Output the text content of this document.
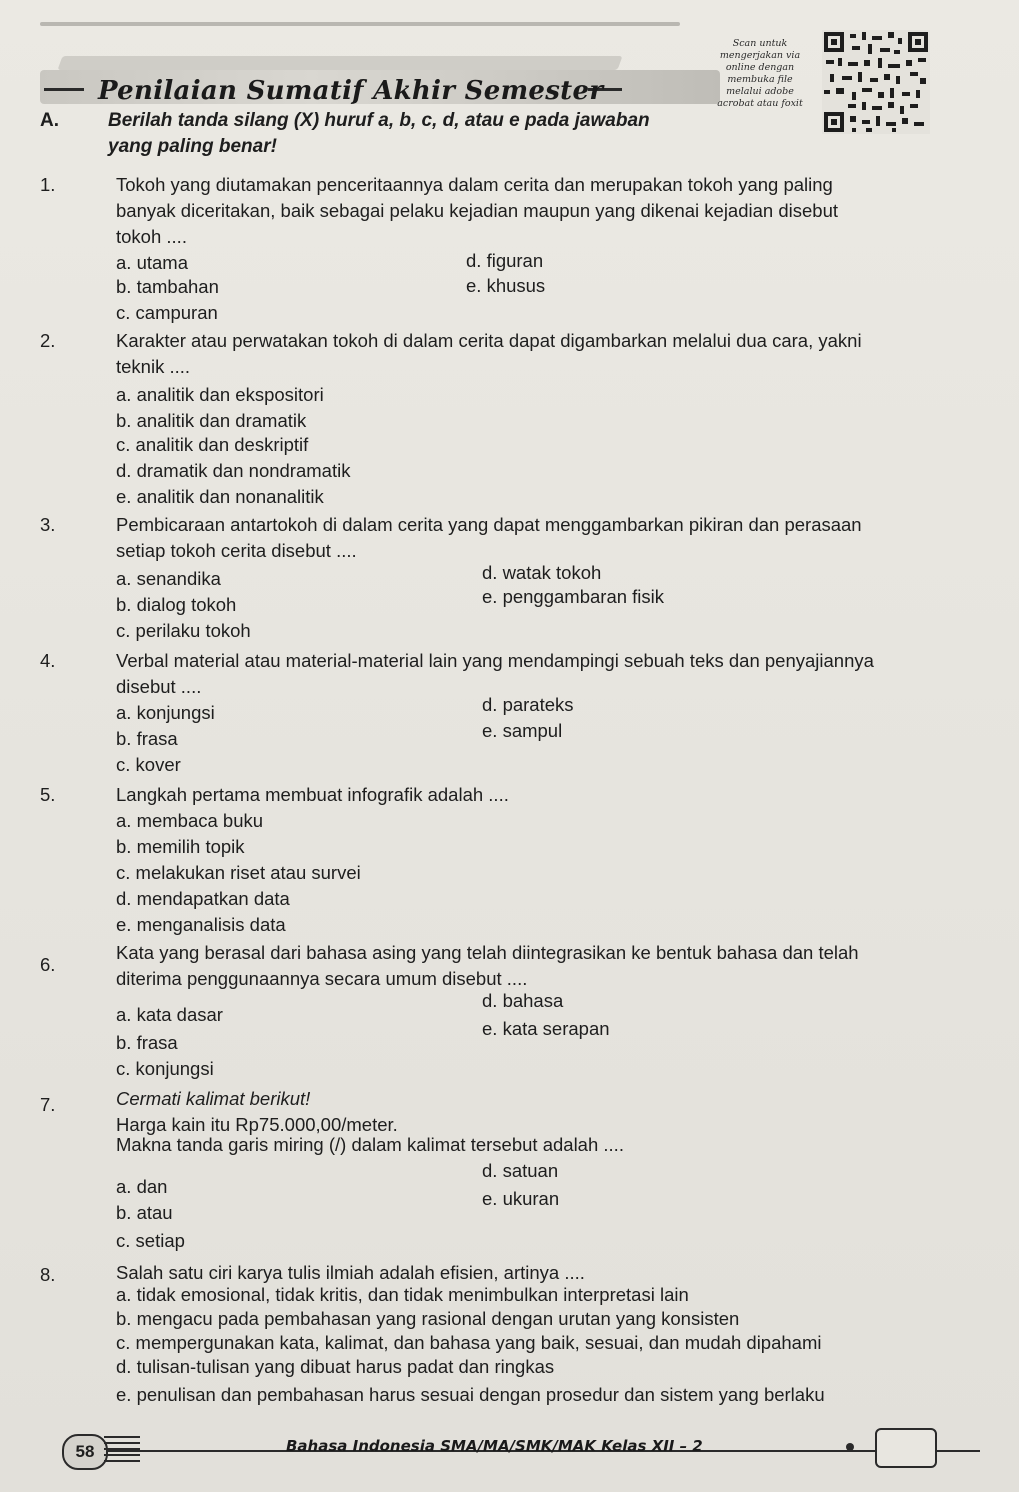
Penilaian Sumatif Akhir Semester
Scan untuk
mengerjakan via
online dengan
membuka file
melalui adobe
acrobat atau foxit
A.	Berilah tanda silang (X) huruf a, b, c, d, atau e pada jawaban
yang paling benar!
1.	Tokoh yang diutamakan penceritaannya dalam cerita dan merupakan tokoh yang paling
banyak diceritakan, baik sebagai pelaku kejadian maupun yang dikenai kejadian disebut
tokoh ....
a. utama
b. tambahan
c. campuran
d. figuran
e. khusus
2.	Karakter atau perwatakan tokoh di dalam cerita dapat digambarkan melalui dua cara, yakni
teknik ....
a. analitik dan ekspositori
b. analitik dan dramatik
c. analitik dan deskriptif
d. dramatik dan nondramatik
e. analitik dan nonanalitik
3.	Pembicaraan antartokoh di dalam cerita yang dapat menggambarkan pikiran dan perasaan
setiap tokoh cerita disebut ....
a. senandika
b. dialog tokoh
c. perilaku tokoh
d. watak tokoh
e. penggambaran fisik
4.	Verbal material atau material-material lain yang mendampingi sebuah teks dan penyajiannya
disebut ....
a. konjungsi
b. frasa
c. kover
d. parateks
e. sampul
5.	Langkah pertama membuat infografik adalah ....
a. membaca buku
b. memilih topik
c. melakukan riset atau survei
d. mendapatkan data
e. menganalisis data
6.
Kata yang berasal dari bahasa asing yang telah diintegrasikan ke bentuk bahasa dan telah
diterima penggunaannya secara umum disebut ....
a. kata dasar
b. frasa
c. konjungsi
d. bahasa
e. kata serapan
7.	Cermati kalimat berikut!
Harga kain itu Rp75.000,00/meter.
Makna tanda garis miring (/) dalam kalimat tersebut adalah ....
a. dan
b. atau
c. setiap
d. satuan
e. ukuran
8.	Salah satu ciri karya tulis ilmiah adalah efisien, artinya ....
a. tidak emosional, tidak kritis, dan tidak menimbulkan interpretasi lain
b. mengacu pada pembahasan yang rasional dengan urutan yang konsisten
c. mempergunakan kata, kalimat, dan bahasa yang baik, sesuai, dan mudah dipahami
d. tulisan-tulisan yang dibuat harus padat dan ringkas
e. penulisan dan pembahasan harus sesuai dengan prosedur dan sistem yang berlaku
58	Bahasa Indonesia SMA/MA/SMK/MAK Kelas XII – 2
